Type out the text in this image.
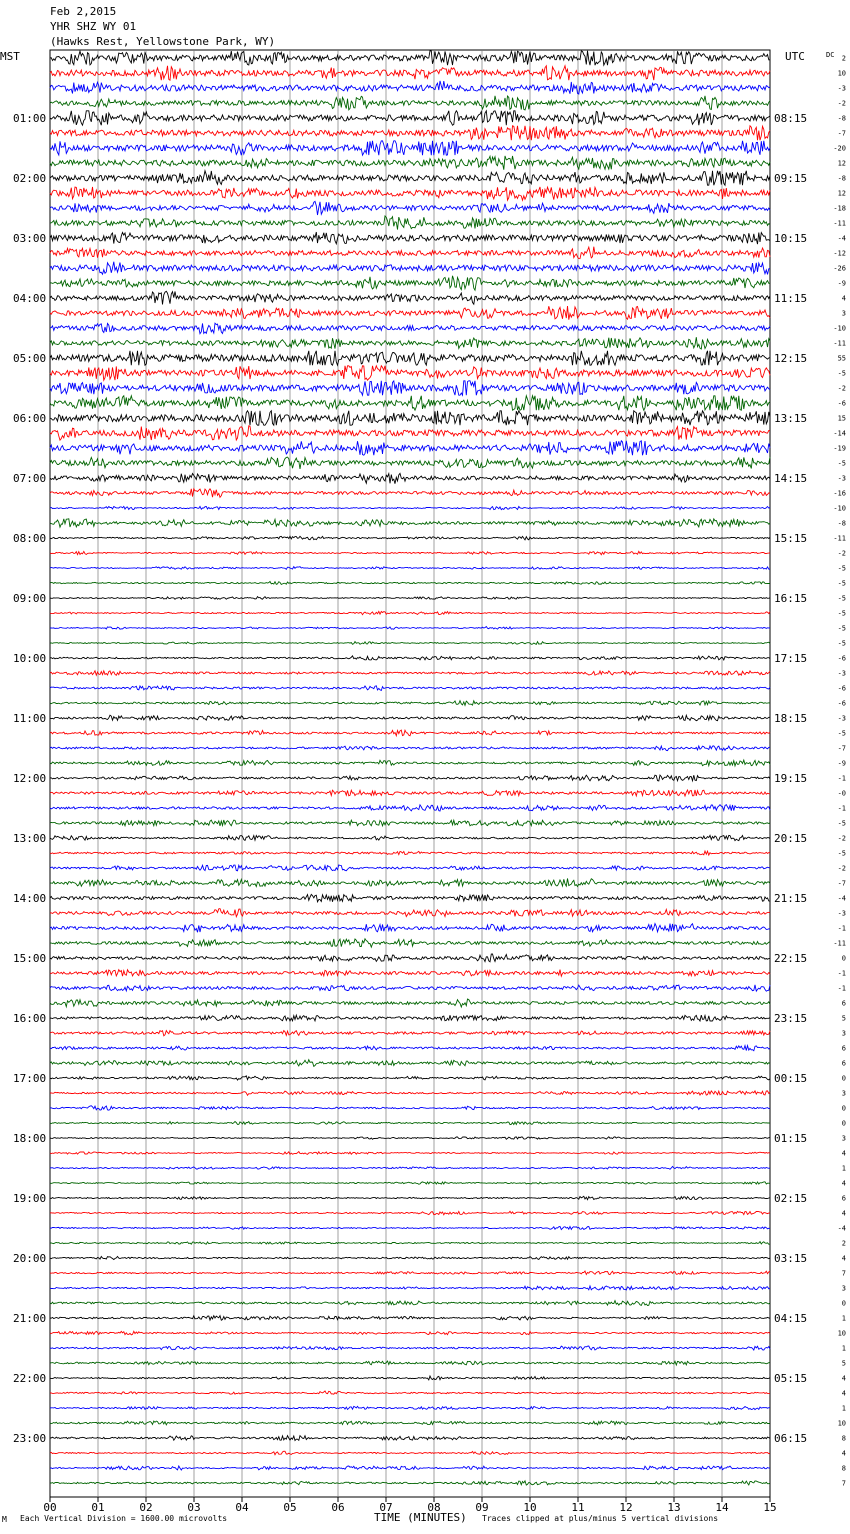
Feb 2,2015
YHR SHZ WY 01
(Hawks Rest, Yellowstone Park, WY)
00	01	02	03	04	05	06	07	08	09	10	11	12	13	14	15
MST	UTC	DC 2
10
-3
-2
-8
-7
-20
12
-8
12
-18
-11
-4
-12
-26
-9
4
3
-10
-11
55
-5
-2
-6
15
-14
-19
-5
-3
-16
-10
-8
-11
-2
-5
-5
-5
-5
-5
-5
-6
-3
-6
-6
-3
-5
-7
-9
-1
-0
-1
-5
-2
-5
-2
-7
-4
-3
-1
-11
0
-1
-1
6
5
3
6
6
0
3
0
0
3
4
1
4
6
4
-4
2
4
7
3
0
1
10
1
5
4
4
1
10
8
4
8
7
01:00
02:00
03:00
04:00
05:00
06:00
07:00
08:00
09:00
10:00
11:00
12:00
13:00
14:00
15:00
16:00
17:00
18:00
19:00
20:00
21:00
22:00
23:00
08:15
09:15
10:15
11:15
12:15
13:15
14:15
15:15
16:15
17:15
18:15
19:15
20:15
21:15
22:15
23:15
00:15
01:15
02:15
03:15
04:15
05:15
06:15
M Each Vertical Division = 1600.00 microvolts	TIME (MINUTES) Traces clipped at plus/minus 5 vertical divisions
